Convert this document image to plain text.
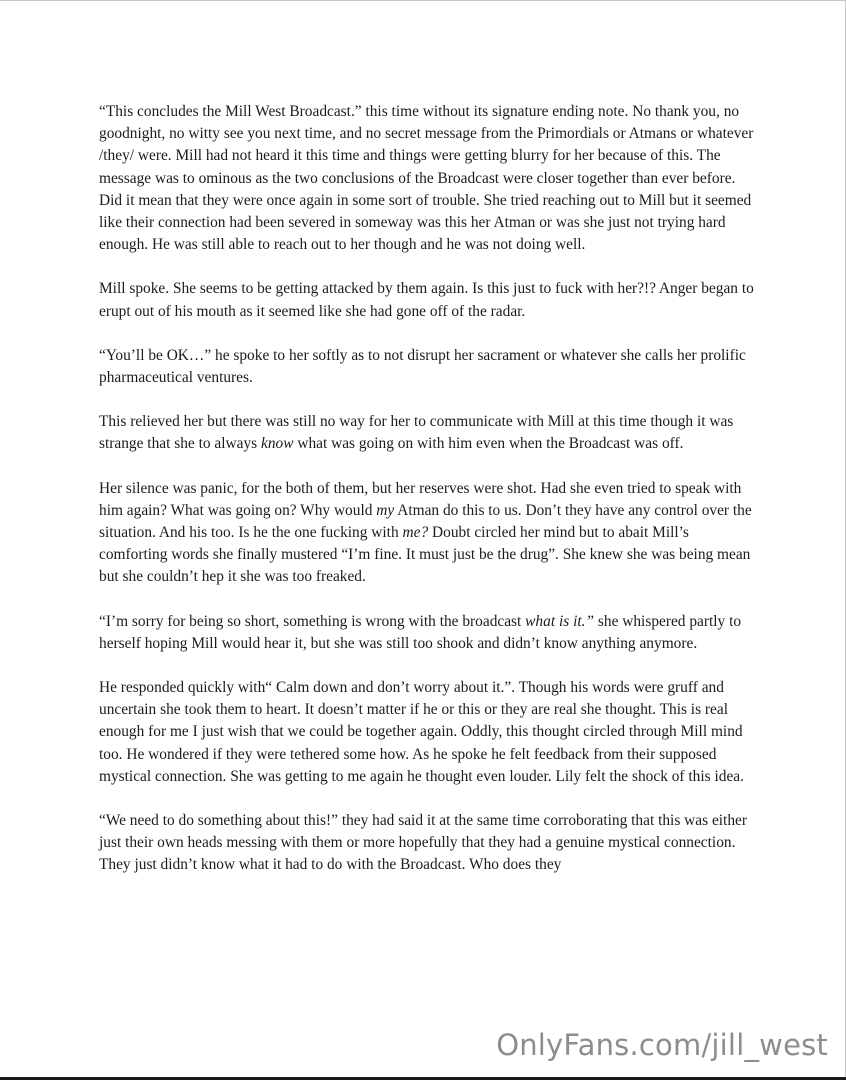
“This concludes the Mill West Broadcast.” this time without its signature ending note. No thank you, no goodnight, no witty see you next time, and no secret message from the Primordials or Atmans or whatever /they/ were. Mill had not heard it this time and things were getting blurry for her because of this. The message was to ominous as the two conclusions of the Broadcast were closer together than ever before. Did it mean that they were once again in some sort of trouble. She tried reaching out to Mill but it seemed like their connection had been severed in someway was this her Atman or was she just not trying hard enough. He was still able to reach out to her though and he was not doing well.

Mill spoke. She seems to be getting attacked by them again. Is this just to fuck with her?!? Anger began to erupt out of his mouth as it seemed like she had gone off of the radar.

“You’ll be OK…” he spoke to her softly as to not disrupt her sacrament or whatever she calls her prolific pharmaceutical ventures.

This relieved her but there was still no way for her to communicate with Mill at this time though it was strange that she to always know what was going on with him even when the Broadcast was off.

Her silence was panic, for the both of them, but her reserves were shot. Had she even tried to speak with him again? What was going on? Why would my Atman do this to us. Don’t they have any control over the situation. And his too. Is he the one fucking with me? Doubt circled her mind but to abait Mill’s comforting words she finally mustered “I’m fine. It must just be the drug”. She knew she was being mean but she couldn’t hep it she was too freaked.

“I’m sorry for being so short, something is wrong with the broadcast what is it.” she whispered partly to herself hoping Mill would hear it, but she was still too shook and didn’t know anything anymore.

He responded quickly with“ Calm down and don’t worry about it.”. Though his words were gruff and uncertain she took them to heart. It doesn’t matter if he or this or they are real she thought. This is real enough for me I just wish that we could be together again. Oddly, this thought circled through Mill mind too. He wondered if they were tethered some how. As he spoke he felt feedback from their supposed mystical connection. She was getting to me again he thought even louder. Lily felt the shock of this idea.

“We need to do something about this!” they had said it at the same time corroborating that this was either just their own heads messing with them or more hopefully that they had a genuine mystical connection. They just didn’t know what it had to do with the Broadcast. Who does they

OnlyFans.com/jill_west
